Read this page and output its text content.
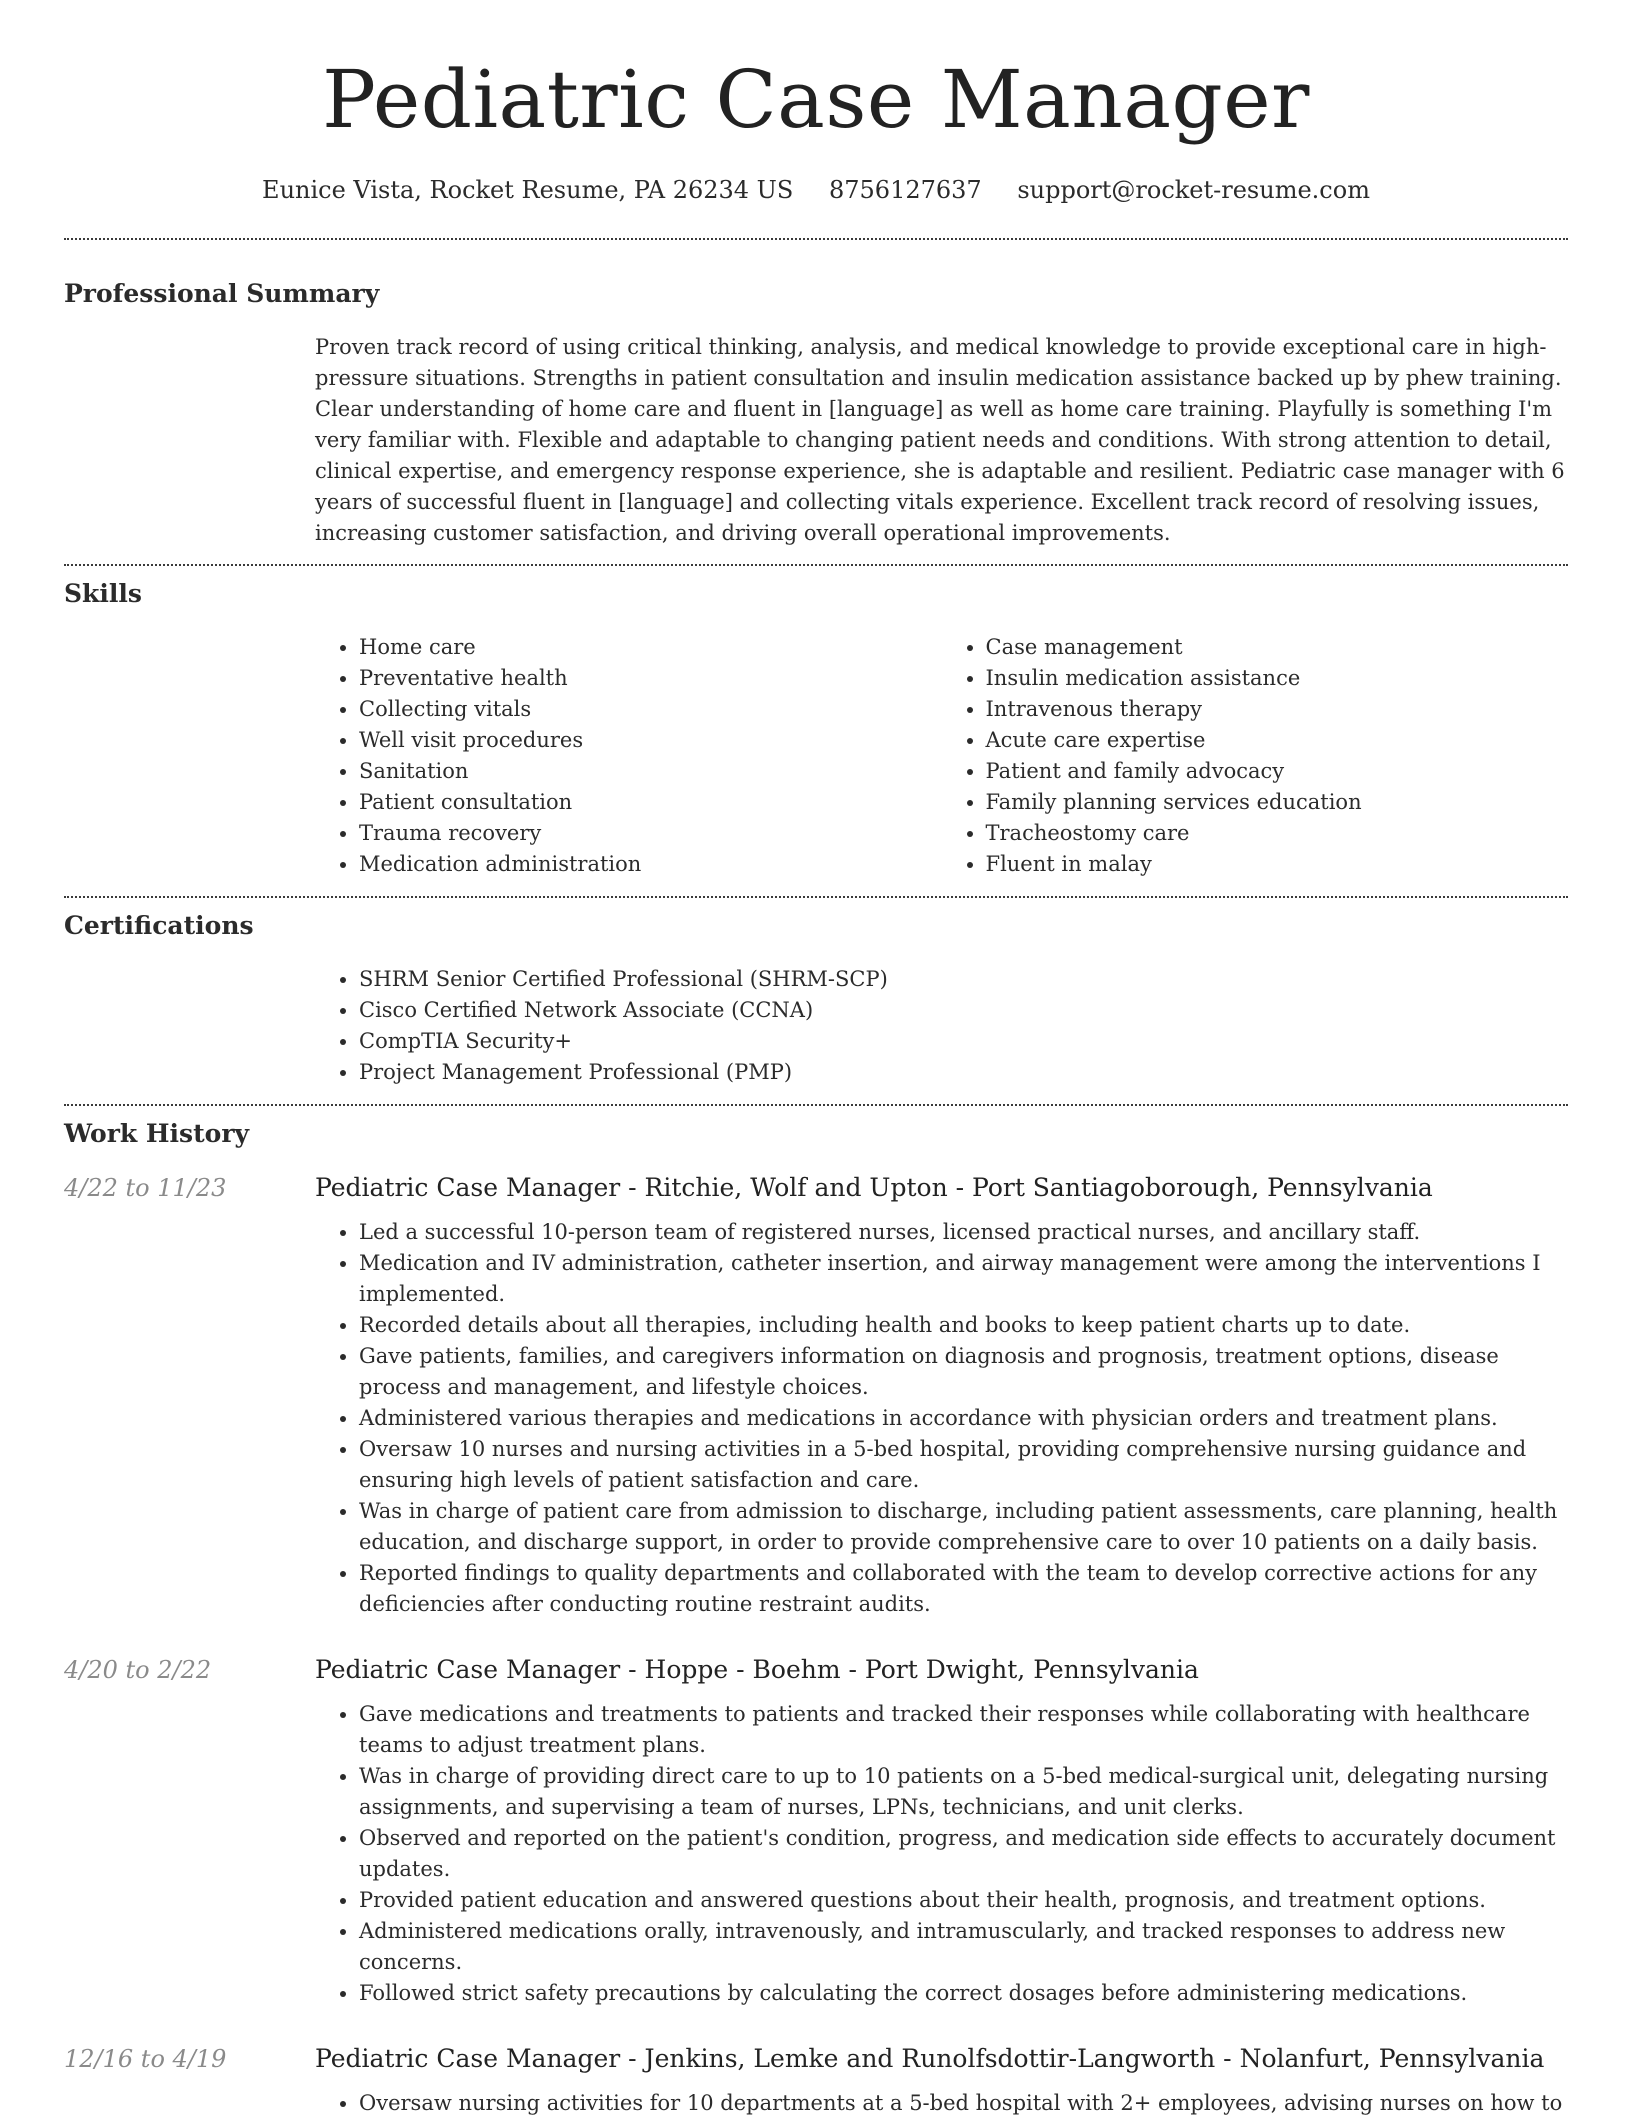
Pediatric Case Manager
Eunice Vista, Rocket Resume, PA 26234 US 8756127637 support@rocket-resume.com
Professional Summary

Proven track record of using critical thinking, analysis, and medical knowledge to provide exceptional care in high-pressure situations. Strengths in patient consultation and insulin medication assistance backed up by phew training. Clear understanding of home care and fluent in [language] as well as home care training. Playfully is something I'm very familiar with. Flexible and adaptable to changing patient needs and conditions. With strong attention to detail, clinical expertise, and emergency response experience, she is adaptable and resilient. Pediatric case manager with 6 years of successful fluent in [language] and collecting vitals experience. Excellent track record of resolving issues, increasing customer satisfaction, and driving overall operational improvements.

Skills
• Home care
• Preventative health
• Collecting vitals
• Well visit procedures
• Sanitation
• Patient consultation
• Trauma recovery
• Medication administration
• Case management
• Insulin medication assistance
• Intravenous therapy
• Acute care expertise
• Patient and family advocacy
• Family planning services education
• Tracheostomy care
• Fluent in malay
Certifications
• SHRM Senior Certified Professional (SHRM-SCP)
• Cisco Certified Network Associate (CCNA)
• CompTIA Security+
• Project Management Professional (PMP)
Work History
4/22 to 11/23	Pediatric Case Manager - Ritchie, Wolf and Upton - Port Santiagoborough, Pennsylvania
• Led a successful 10-person team of registered nurses, licensed practical nurses, and ancillary staff.
• Medication and IV administration, catheter insertion, and airway management were among the interventions I implemented.
• Recorded details about all therapies, including health and books to keep patient charts up to date.
• Gave patients, families, and caregivers information on diagnosis and prognosis, treatment options, disease process and management, and lifestyle choices.
• Administered various therapies and medications in accordance with physician orders and treatment plans.
• Oversaw 10 nurses and nursing activities in a 5-bed hospital, providing comprehensive nursing guidance and ensuring high levels of patient satisfaction and care.
• Was in charge of patient care from admission to discharge, including patient assessments, care planning, health education, and discharge support, in order to provide comprehensive care to over 10 patients on a daily basis.
• Reported findings to quality departments and collaborated with the team to develop corrective actions for any deficiencies after conducting routine restraint audits.
4/20 to 2/22	Pediatric Case Manager - Hoppe - Boehm - Port Dwight, Pennsylvania
• Gave medications and treatments to patients and tracked their responses while collaborating with healthcare teams to adjust treatment plans.
• Was in charge of providing direct care to up to 10 patients on a 5-bed medical-surgical unit, delegating nursing assignments, and supervising a team of nurses, LPNs, technicians, and unit clerks.
• Observed and reported on the patient's condition, progress, and medication side effects to accurately document updates.
• Provided patient education and answered questions about their health, prognosis, and treatment options.
• Administered medications orally, intravenously, and intramuscularly, and tracked responses to address new concerns.
• Followed strict safety precautions by calculating the correct dosages before administering medications.
12/16 to 4/19	Pediatric Case Manager - Jenkins, Lemke and Runolfsdottir-Langworth - Nolanfurt, Pennsylvania
• Oversaw nursing activities for 10 departments at a 5-bed hospital with 2+ employees, advising nurses on how to
